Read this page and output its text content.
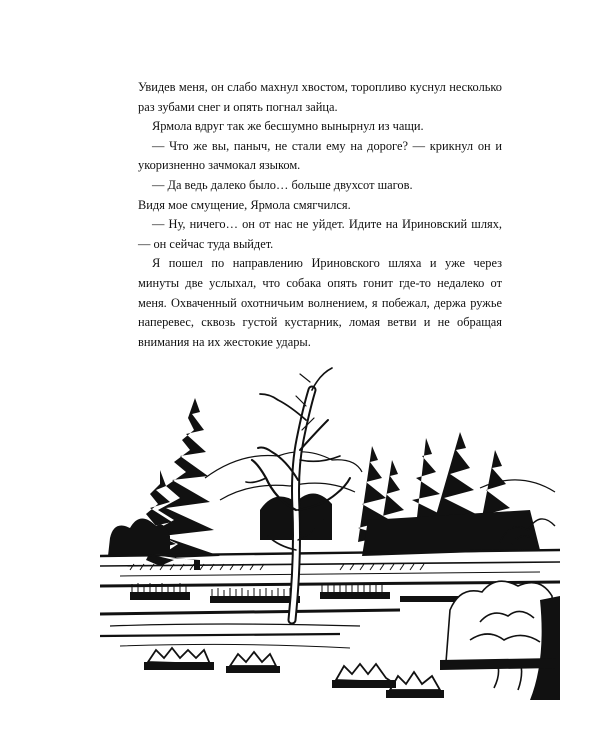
Увидев меня, он слабо махнул хвостом, торопливо куснул несколько раз зубами снег и опять погнал зайца.

Ярмола вдруг так же бесшумно вынырнул из чащи.

— Что же вы, паныч, не стали ему на дороге? — крикнул он и укоризненно зачмокал языком.

— Да ведь далеко было… больше двухсот шагов.

Видя мое смущение, Ярмола смягчился.

— Ну, ничего… он от нас не уйдет. Идите на Ириновский шлях, — он сейчас туда выйдет.

Я пошел по направлению Ириновского шляха и уже через минуты две услыхал, что собака опять гонит где-то недалеко от меня. Охваченный охотничьим волнением, я побежал, держа ружье наперевес, сквозь густой кустарник, ломая ветви и не обращая внимания на их жестокие удары.
